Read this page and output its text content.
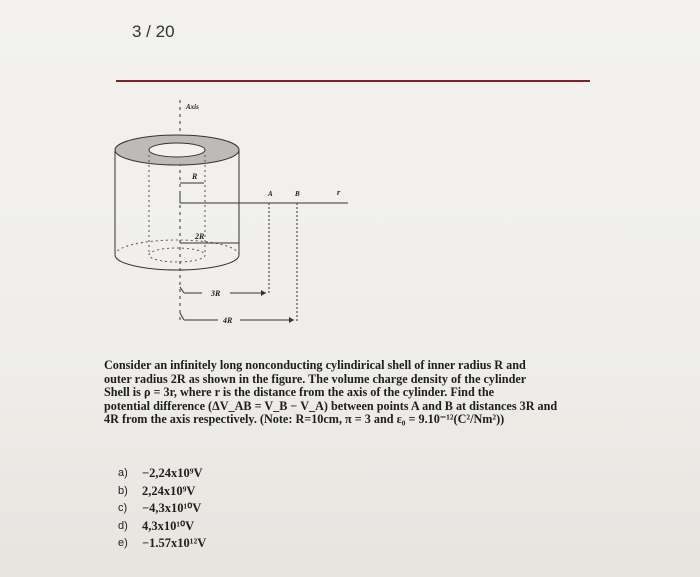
3 / 20
Axis
R
A	B	r
2R
3R
4R
Consider an infinitely long nonconducting cylindirical shell of inner radius R and
outer radius 2R as shown in the figure. The volume charge density of the cylinder
Shell is ρ = 3r, where r is the distance from the axis of the cylinder. Find the
potential difference (ΔV_AB = V_B − V_A) between points A and B at distances 3R and
4R from the axis respectively. (Note: R=10cm, π = 3 and ε₀ = 9.10⁻¹²(C²/Nm²))
a)	−2,24x10⁹V
b)	2,24x10⁹V
c)	−4,3x10¹⁰V
d)	4,3x10¹⁰V
e)	−1.57x10¹²V
